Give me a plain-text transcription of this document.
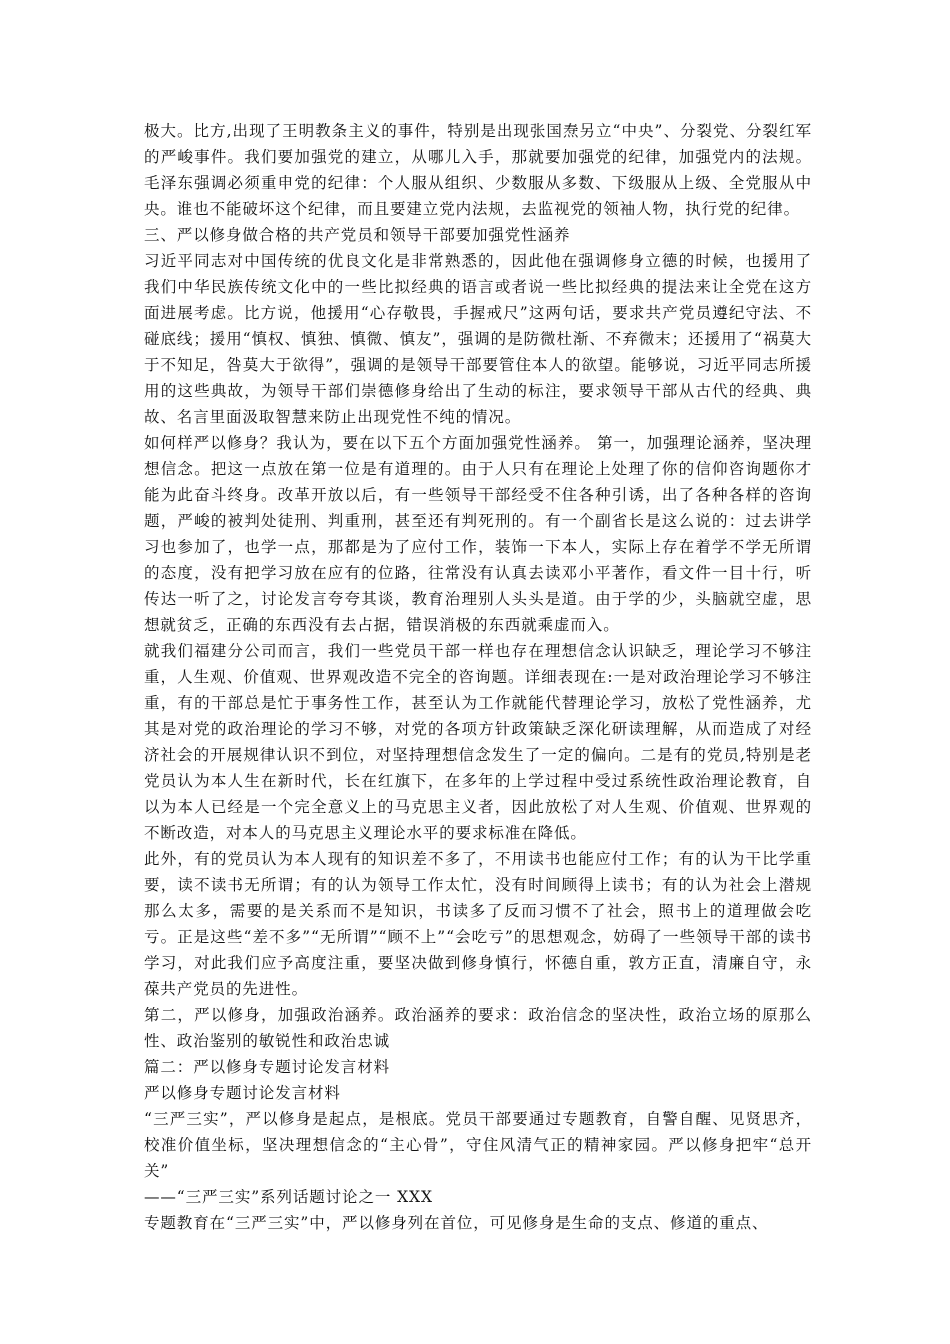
极大。比方,出现了王明教条主义的事件，特别是出现张国焘另立“中央”、分裂党、分裂红军的严峻事件。我们要加强党的建立，从哪儿入手，那就要加强党的纪律，加强党内的法规。毛泽东强调必须重申党的纪律：个人服从组织、少数服从多数、下级服从上级、全党服从中央。谁也不能破坏这个纪律，而且要建立党内法规，去监视党的领袖人物，执行党的纪律。

三、严以修身做合格的共产党员和领导干部要加强党性涵养

习近平同志对中国传统的优良文化是非常熟悉的，因此他在强调修身立德的时候，也援用了我们中华民族传统文化中的一些比拟经典的语言或者说一些比拟经典的提法来让全党在这方面进展考虑。比方说，他援用“心存敬畏，手握戒尺”这两句话，要求共产党员遵纪守法、不碰底线；援用“慎权、慎独、慎微、慎友”，强调的是防微杜渐、不弃微末；还援用了“祸莫大于不知足，咎莫大于欲得”，强调的是领导干部要管住本人的欲望。能够说，习近平同志所援用的这些典故，为领导干部们崇德修身给出了生动的标注，要求领导干部从古代的经典、典故、名言里面汲取智慧来防止出现党性不纯的情况。

如何样严以修身？我认为，要在以下五个方面加强党性涵养。 第一，加强理论涵养，坚决理想信念。把这一点放在第一位是有道理的。由于人只有在理论上处理了你的信仰咨询题你才能为此奋斗终身。改革开放以后，有一些领导干部经受不住各种引诱，出了各种各样的咨询题，严峻的被判处徒刑、判重刑，甚至还有判死刑的。有一个副省长是这么说的：过去讲学习也参加了，也学一点，那都是为了应付工作，装饰一下本人，实际上存在着学不学无所谓的态度，没有把学习放在应有的位路，往常没有认真去读邓小平著作，看文件一目十行，听传达一听了之，讨论发言夸夸其谈，教育治理别人头头是道。由于学的少，头脑就空虚，思想就贫乏，正确的东西没有去占据，错误消极的东西就乘虚而入。

就我们福建分公司而言，我们一些党员干部一样也存在理想信念认识缺乏，理论学习不够注重，人生观、价值观、世界观改造不完全的咨询题。详细表现在:一是对政治理论学习不够注重，有的干部总是忙于事务性工作，甚至认为工作就能代替理论学习，放松了党性涵养，尤其是对党的政治理论的学习不够，对党的各项方针政策缺乏深化研读理解，从而造成了对经济社会的开展规律认识不到位，对坚持理想信念发生了一定的偏向。二是有的党员,特别是老党员认为本人生在新时代，长在红旗下，在多年的上学过程中受过系统性政治理论教育，自以为本人已经是一个完全意义上的马克思主义者，因此放松了对人生观、价值观、世界观的不断改造，对本人的马克思主义理论水平的要求标准在降低。

此外，有的党员认为本人现有的知识差不多了，不用读书也能应付工作；有的认为干比学重要，读不读书无所谓；有的认为领导工作太忙，没有时间顾得上读书；有的认为社会上潜规那么太多，需要的是关系而不是知识，书读多了反而习惯不了社会，照书上的道理做会吃亏。正是这些“差不多”“无所谓”“顾不上”“会吃亏”的思想观念，妨碍了一些领导干部的读书学习，对此我们应予高度注重，要坚决做到修身慎行，怀德自重，敦方正直，清廉自守，永葆共产党员的先进性。

第二，严以修身，加强政治涵养。政治涵养的要求：政治信念的坚决性，政治立场的原那么性、政治鉴别的敏锐性和政治忠诚

篇二：严以修身专题讨论发言材料

严以修身专题讨论发言材料

“三严三实”，严以修身是起点，是根底。党员干部要通过专题教育，自警自醒、见贤思齐，校准价值坐标，坚决理想信念的“主心骨”，守住风清气正的精神家园。严以修身把牢“总开关”

——“三严三实”系列话题讨论之一 XXX

专题教育在“三严三实”中，严以修身列在首位，可见修身是生命的支点、修道的重点、
